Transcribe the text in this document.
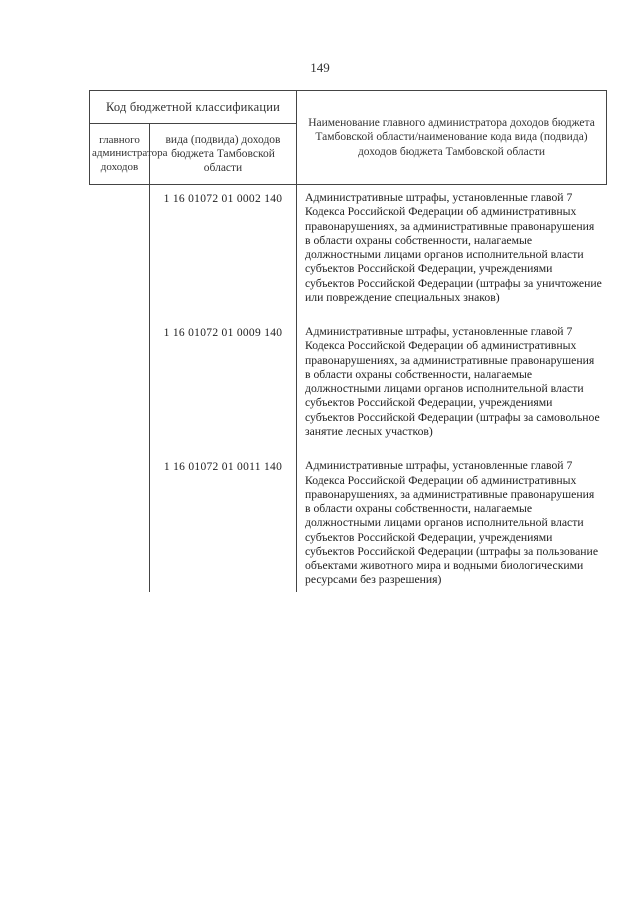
149
Код бюджетной классификации		Наименование главного администратора доходов бюджета Тамбовской области/наименование кода вида (подвида) доходов бюджета Тамбовской области
главного администратора доходов	вида (подвида) доходов бюджета Тамбовской области	
	1 16 01072 01 0002 140	Административные штрафы, установленные главой 7 Кодекса Российской Федерации об административных правонарушениях, за административные правонарушения в области охраны собственности, налагаемые должностными лицами органов исполнительной власти субъектов Российской Федерации, учреждениями субъектов Российской Федерации (штрафы за уничтожение или повреждение специальных знаков)
	1 16 01072 01 0009 140	Административные штрафы, установленные главой 7 Кодекса Российской Федерации об административных правонарушениях, за административные правонарушения в области охраны собственности, налагаемые должностными лицами органов исполнительной власти субъектов Российской Федерации, учреждениями субъектов Российской Федерации (штрафы за самовольное занятие лесных участков)
	1 16 01072 01 0011 140	Административные штрафы, установленные главой 7 Кодекса Российской Федерации об административных правонарушениях, за административные правонарушения в области охраны собственности, налагаемые должностными лицами органов исполнительной власти субъектов Российской Федерации, учреждениями субъектов Российской Федерации (штрафы за пользование объектами животного мира и водными биологическими ресурсами без разрешения)
